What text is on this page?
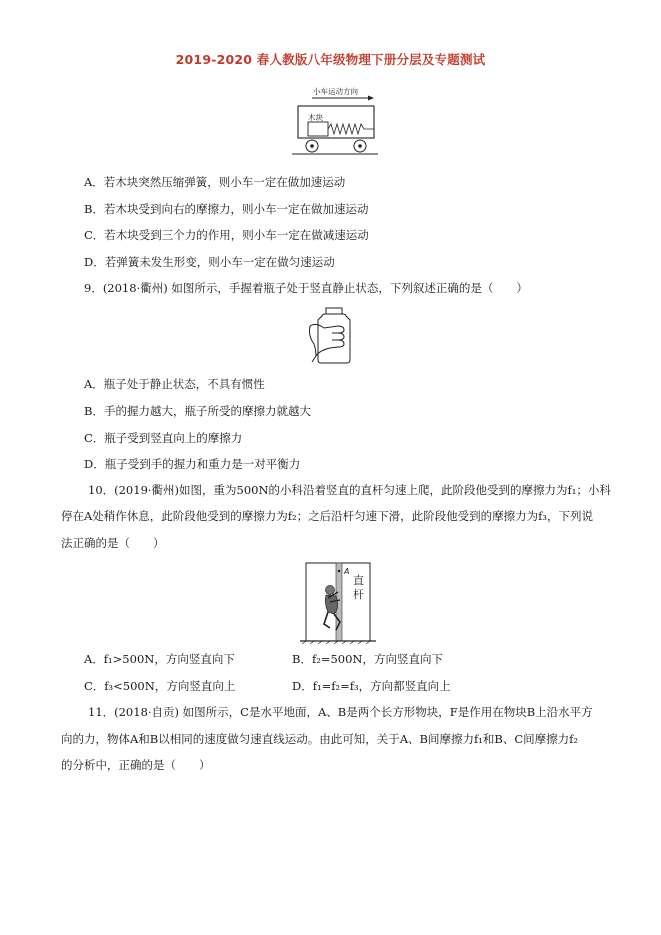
2019-2020 春人教版八年级物理下册分层及专题测试
小车运动方向
木块
A．若木块突然压缩弹簧，则小车一定在做加速运动
B．若木块受到向右的摩擦力，则小车一定在做加速运动
C．若木块受到三个力的作用，则小车一定在做减速运动
D．若弹簧未发生形变，则小车一定在做匀速运动
9．(2018·衢州) 如图所示，手握着瓶子处于竖直静止状态，下列叙述正确的是（　　）
A．瓶子处于静止状态，不具有惯性
B．手的握力越大，瓶子所受的摩擦力就越大
C．瓶子受到竖直向上的摩擦力
D．瓶子受到手的握力和重力是一对平衡力
10．(2019·衢州)如图，重为500N的小科沿着竖直的直杆匀速上爬，此阶段他受到的摩擦力为f₁；小科
停在A处稍作休息，此阶段他受到的摩擦力为f₂；之后沿杆匀速下滑，此阶段他受到的摩擦力为f₃，下列说
法正确的是（　　）
A
直
杆
A．f₁>500N，方向竖直向下	B．f₂=500N，方向竖直向下
C．f₃<500N，方向竖直向上	D．f₁=f₂=f₃，方向都竖直向上
11．(2018·自贡) 如图所示，C是水平地面，A、B是两个长方形物块，F是作用在物块B上沿水平方
向的力，物体A和B以相同的速度做匀速直线运动。由此可知，关于A、B间摩擦力f₁和B、C间摩擦力f₂
的分析中，正确的是（　　）
